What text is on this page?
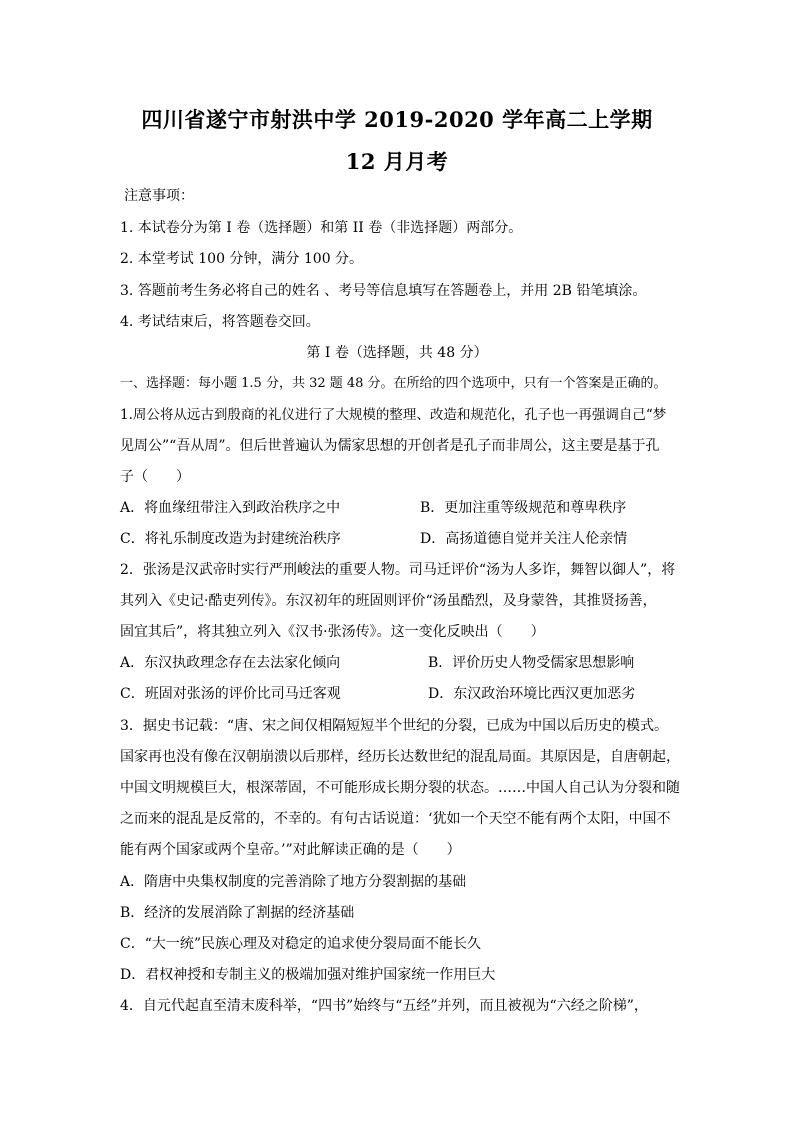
四川省遂宁市射洪中学 2019-2020 学年高二上学期
12 月月考
注意事项：
1. 本试卷分为第 I 卷（选择题）和第 II 卷（非选择题）两部分。
2. 本堂考试 100 分钟，满分 100 分。
3. 答题前考生务必将自己的姓名 、考号等信息填写在答题卷上，并用 2B 铅笔填涂。
4. 考试结束后，将答题卷交回。
第 I 卷（选择题，共 48 分）
一、选择题：每小题 1.5 分，共 32 题 48 分。在所给的四个选项中，只有一个答案是正确的。
1.周公将从远古到殷商的礼仪进行了大规模的整理、改造和规范化，孔子也一再强调自己“梦
见周公”“吾从周”。但后世普遍认为儒家思想的开创者是孔子而非周公，这主要是基于孔
子（　　）
A．将血缘纽带注入到政治秩序之中	B．更加注重等级规范和尊卑秩序
C．将礼乐制度改造为封建统治秩序	D．高扬道德自觉并关注人伦亲情
2．张汤是汉武帝时实行严刑峻法的重要人物。司马迁评价“汤为人多诈，舞智以御人”，将
其列入《史记·酷吏列传》。东汉初年的班固则评价“汤虽酷烈，及身蒙咎，其推贤扬善，
固宜其后”，将其独立列入《汉书·张汤传》。这一变化反映出（　　）
A．东汉执政理念存在去法家化倾向	B．评价历史人物受儒家思想影响
C．班固对张汤的评价比司马迁客观	D．东汉政治环境比西汉更加恶劣
3．据史书记载：“唐、宋之间仅相隔短短半个世纪的分裂，已成为中国以后历史的模式。
国家再也没有像在汉朝崩溃以后那样，经历长达数世纪的混乱局面。其原因是，自唐朝起，
中国文明规模巨大，根深蒂固，不可能形成长期分裂的状态。……中国人自己认为分裂和随
之而来的混乱是反常的，不幸的。有句古话说道：‘犹如一个天空不能有两个太阳，中国不
能有两个国家或两个皇帝。’”对此解读正确的是（　　）
A．隋唐中央集权制度的完善消除了地方分裂割据的基础
B．经济的发展消除了割据的经济基础
C．“大一统”民族心理及对稳定的追求使分裂局面不能长久
D．君权神授和专制主义的极端加强对维护国家统一作用巨大
4．自元代起直至清末废科举，“四书”始终与“五经”并列，而且被视为“六经之阶梯”，
